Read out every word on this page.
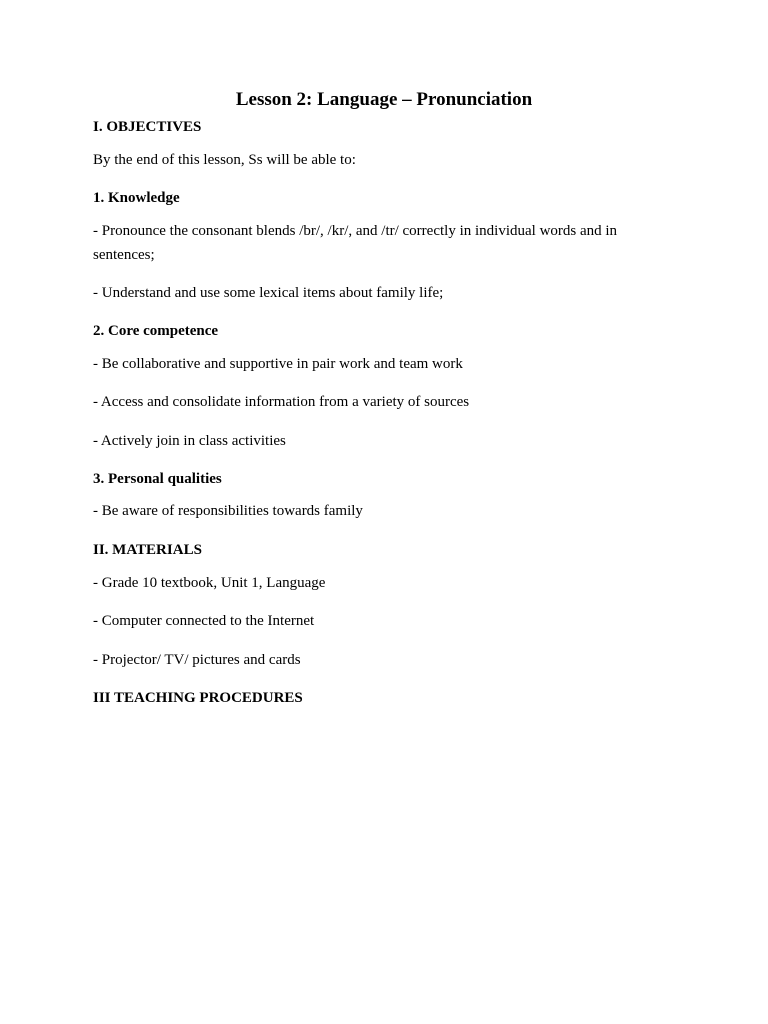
Lesson 2: Language – Pronunciation

I. OBJECTIVES

By the end of this lesson, Ss will be able to:

1. Knowledge

- Pronounce the consonant blends /br/, /kr/, and /tr/ correctly in individual words and in

sentences;

- Understand and use some lexical items about family life;

2. Core competence

- Be collaborative and supportive in pair work and team work

- Access and consolidate information from a variety of sources

- Actively join in class activities

3. Personal qualities

- Be aware of responsibilities towards family

II. MATERIALS

- Grade 10 textbook, Unit 1, Language

- Computer connected to the Internet

- Projector/ TV/ pictures and cards

III TEACHING PROCEDURES
